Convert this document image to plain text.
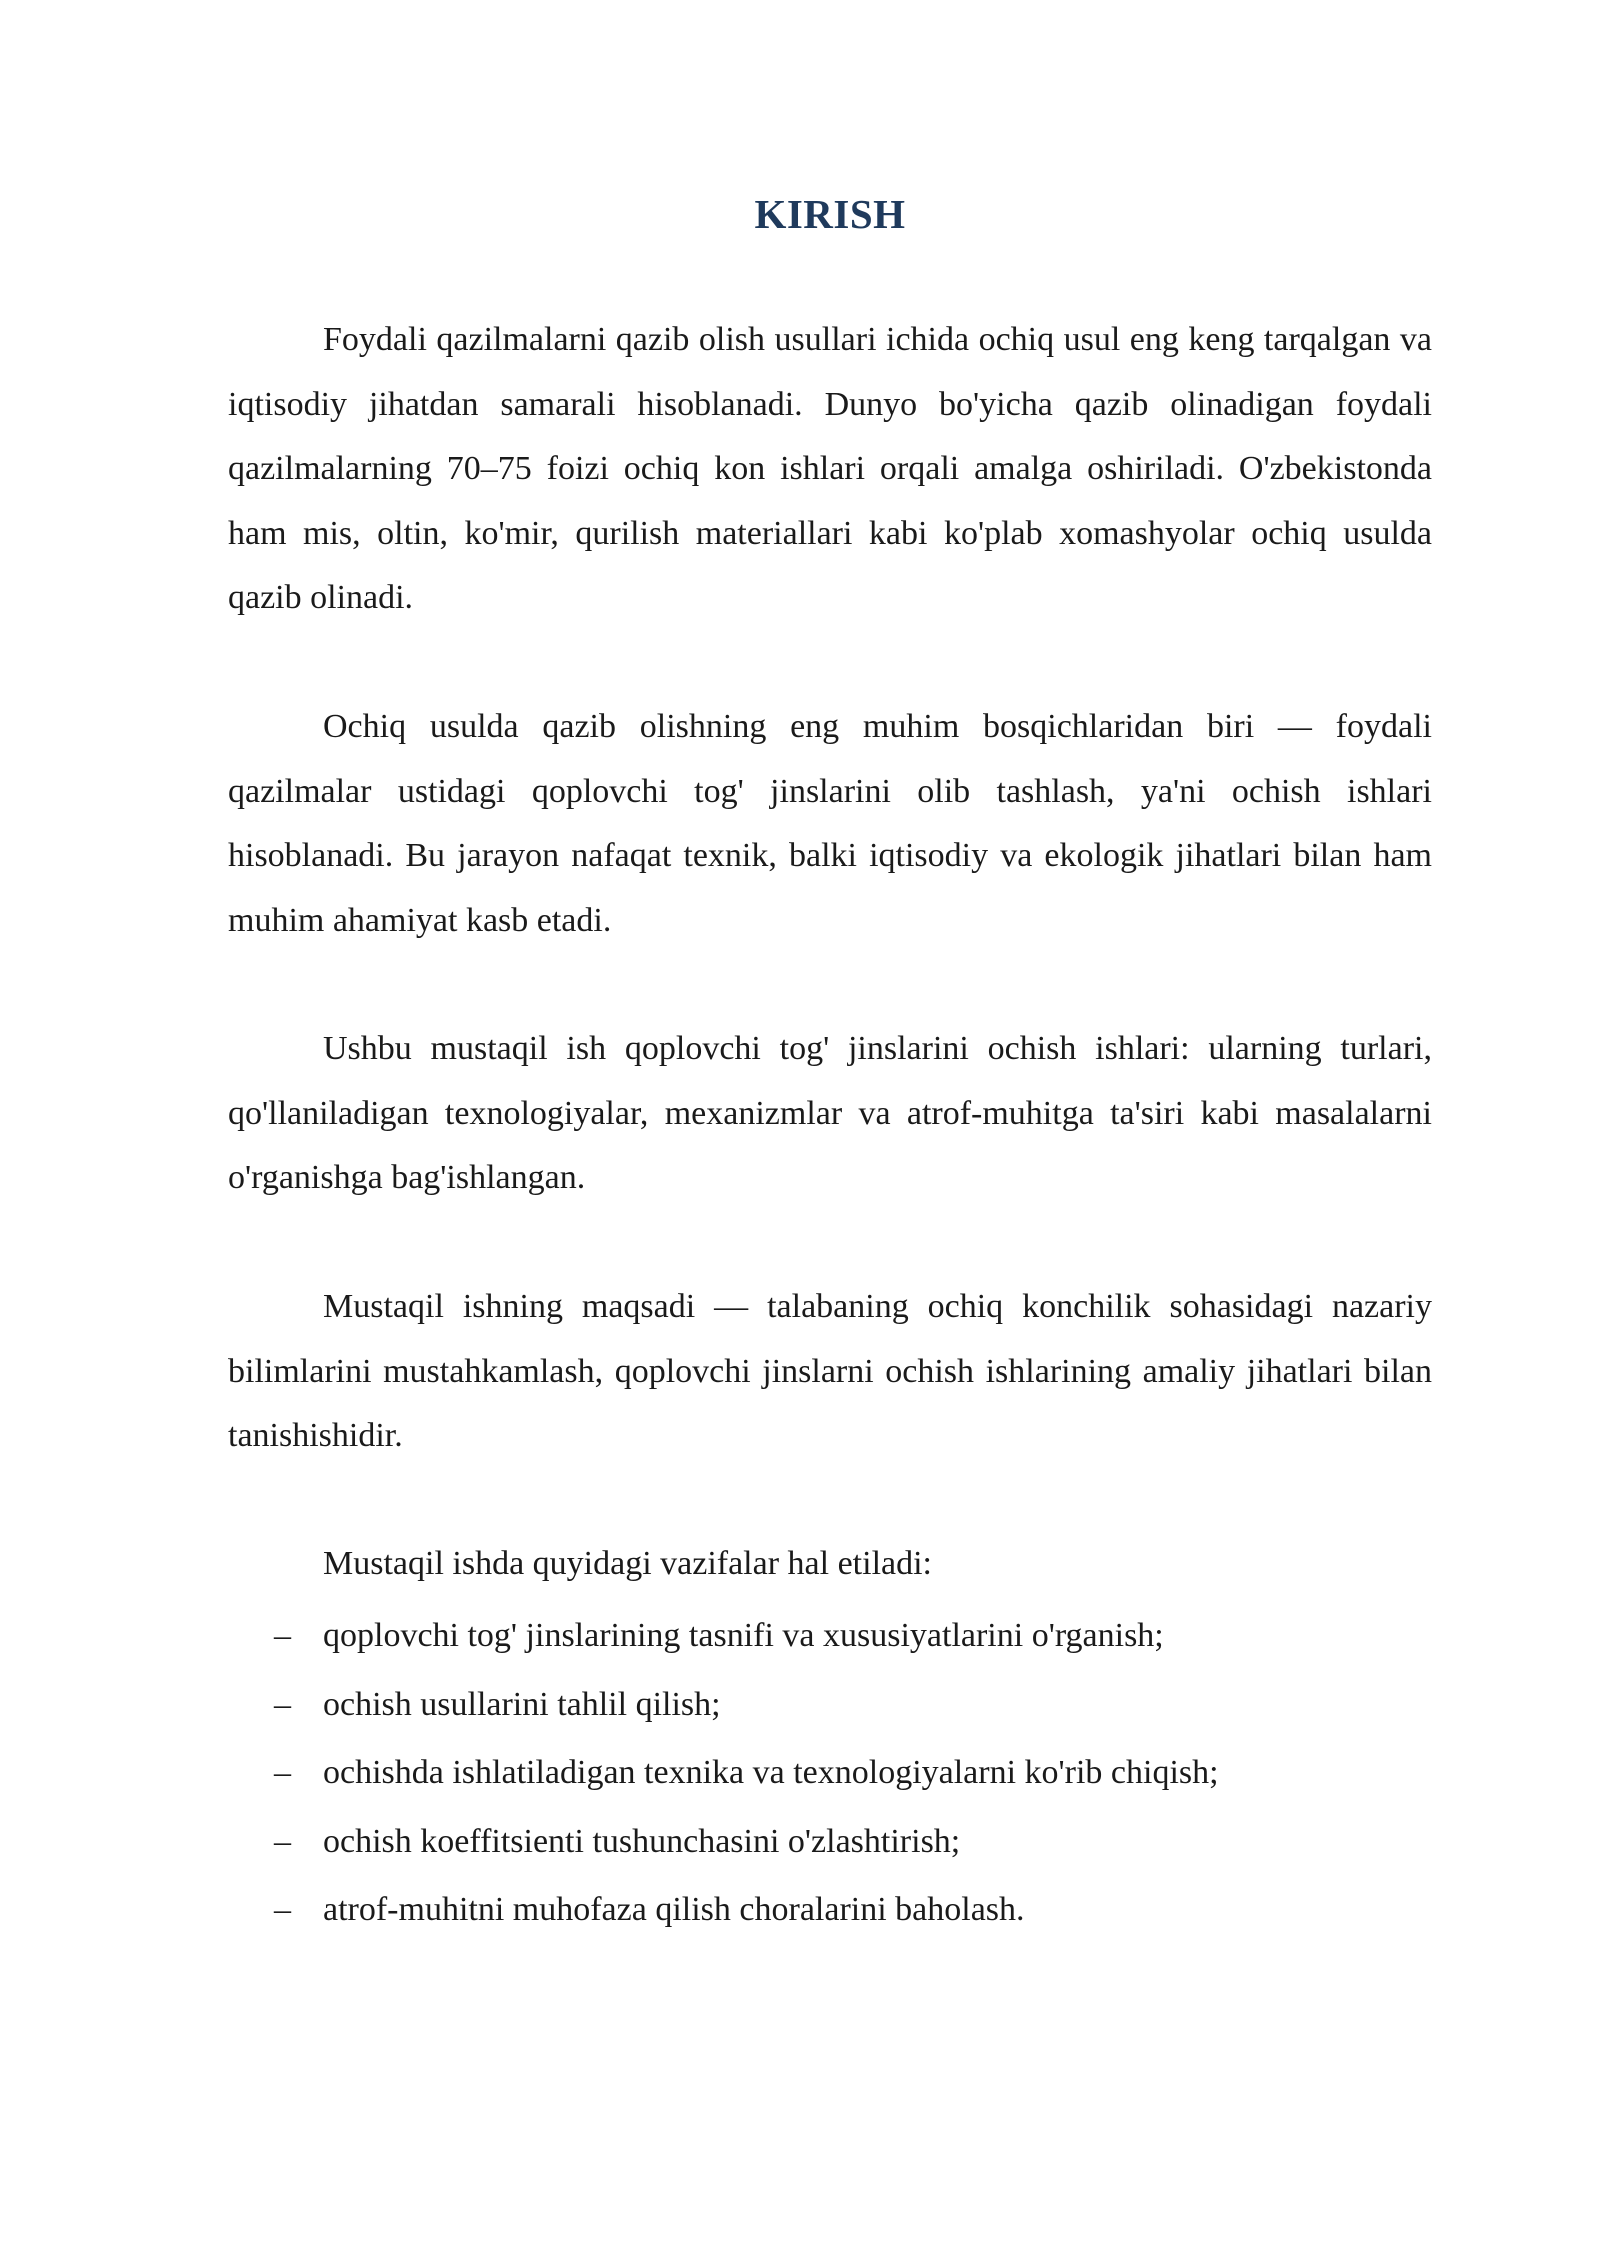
KIRISH

Foydali qazilmalarni qazib olish usullari ichida ochiq usul eng keng tarqalgan va iqtisodiy jihatdan samarali hisoblanadi. Dunyo bo'yicha qazib olinadigan foydali qazilmalarning 70–75 foizi ochiq kon ishlari orqali amalga oshiriladi. O'zbekistonda ham mis, oltin, ko'mir, qurilish materiallari kabi ko'plab xomashyolar ochiq usulda qazib olinadi.

Ochiq usulda qazib olishning eng muhim bosqichlaridan biri — foydali qazilmalar ustidagi qoplovchi tog' jinslarini olib tashlash, ya'ni ochish ishlari hisoblanadi. Bu jarayon nafaqat texnik, balki iqtisodiy va ekologik jihatlari bilan ham muhim ahamiyat kasb etadi.

Ushbu mustaqil ish qoplovchi tog' jinslarini ochish ishlari: ularning turlari, qo'llaniladigan texnologiyalar, mexanizmlar va atrof-muhitga ta'siri kabi masalalarni o'rganishga bag'ishlangan.

Mustaqil ishning maqsadi — talabaning ochiq konchilik sohasidagi nazariy bilimlarini mustahkamlash, qoplovchi jinslarni ochish ishlarining amaliy jihatlari bilan tanishishidir.

Mustaqil ishda quyidagi vazifalar hal etiladi:

– qoplovchi tog' jinslarining tasnifi va xususiyatlarini o'rganish;
– ochish usullarini tahlil qilish;
– ochishda ishlatiladigan texnika va texnologiyalarni ko'rib chiqish;
– ochish koeffitsienti tushunchasini o'zlashtirish;
– atrof-muhitni muhofaza qilish choralarini baholash.
